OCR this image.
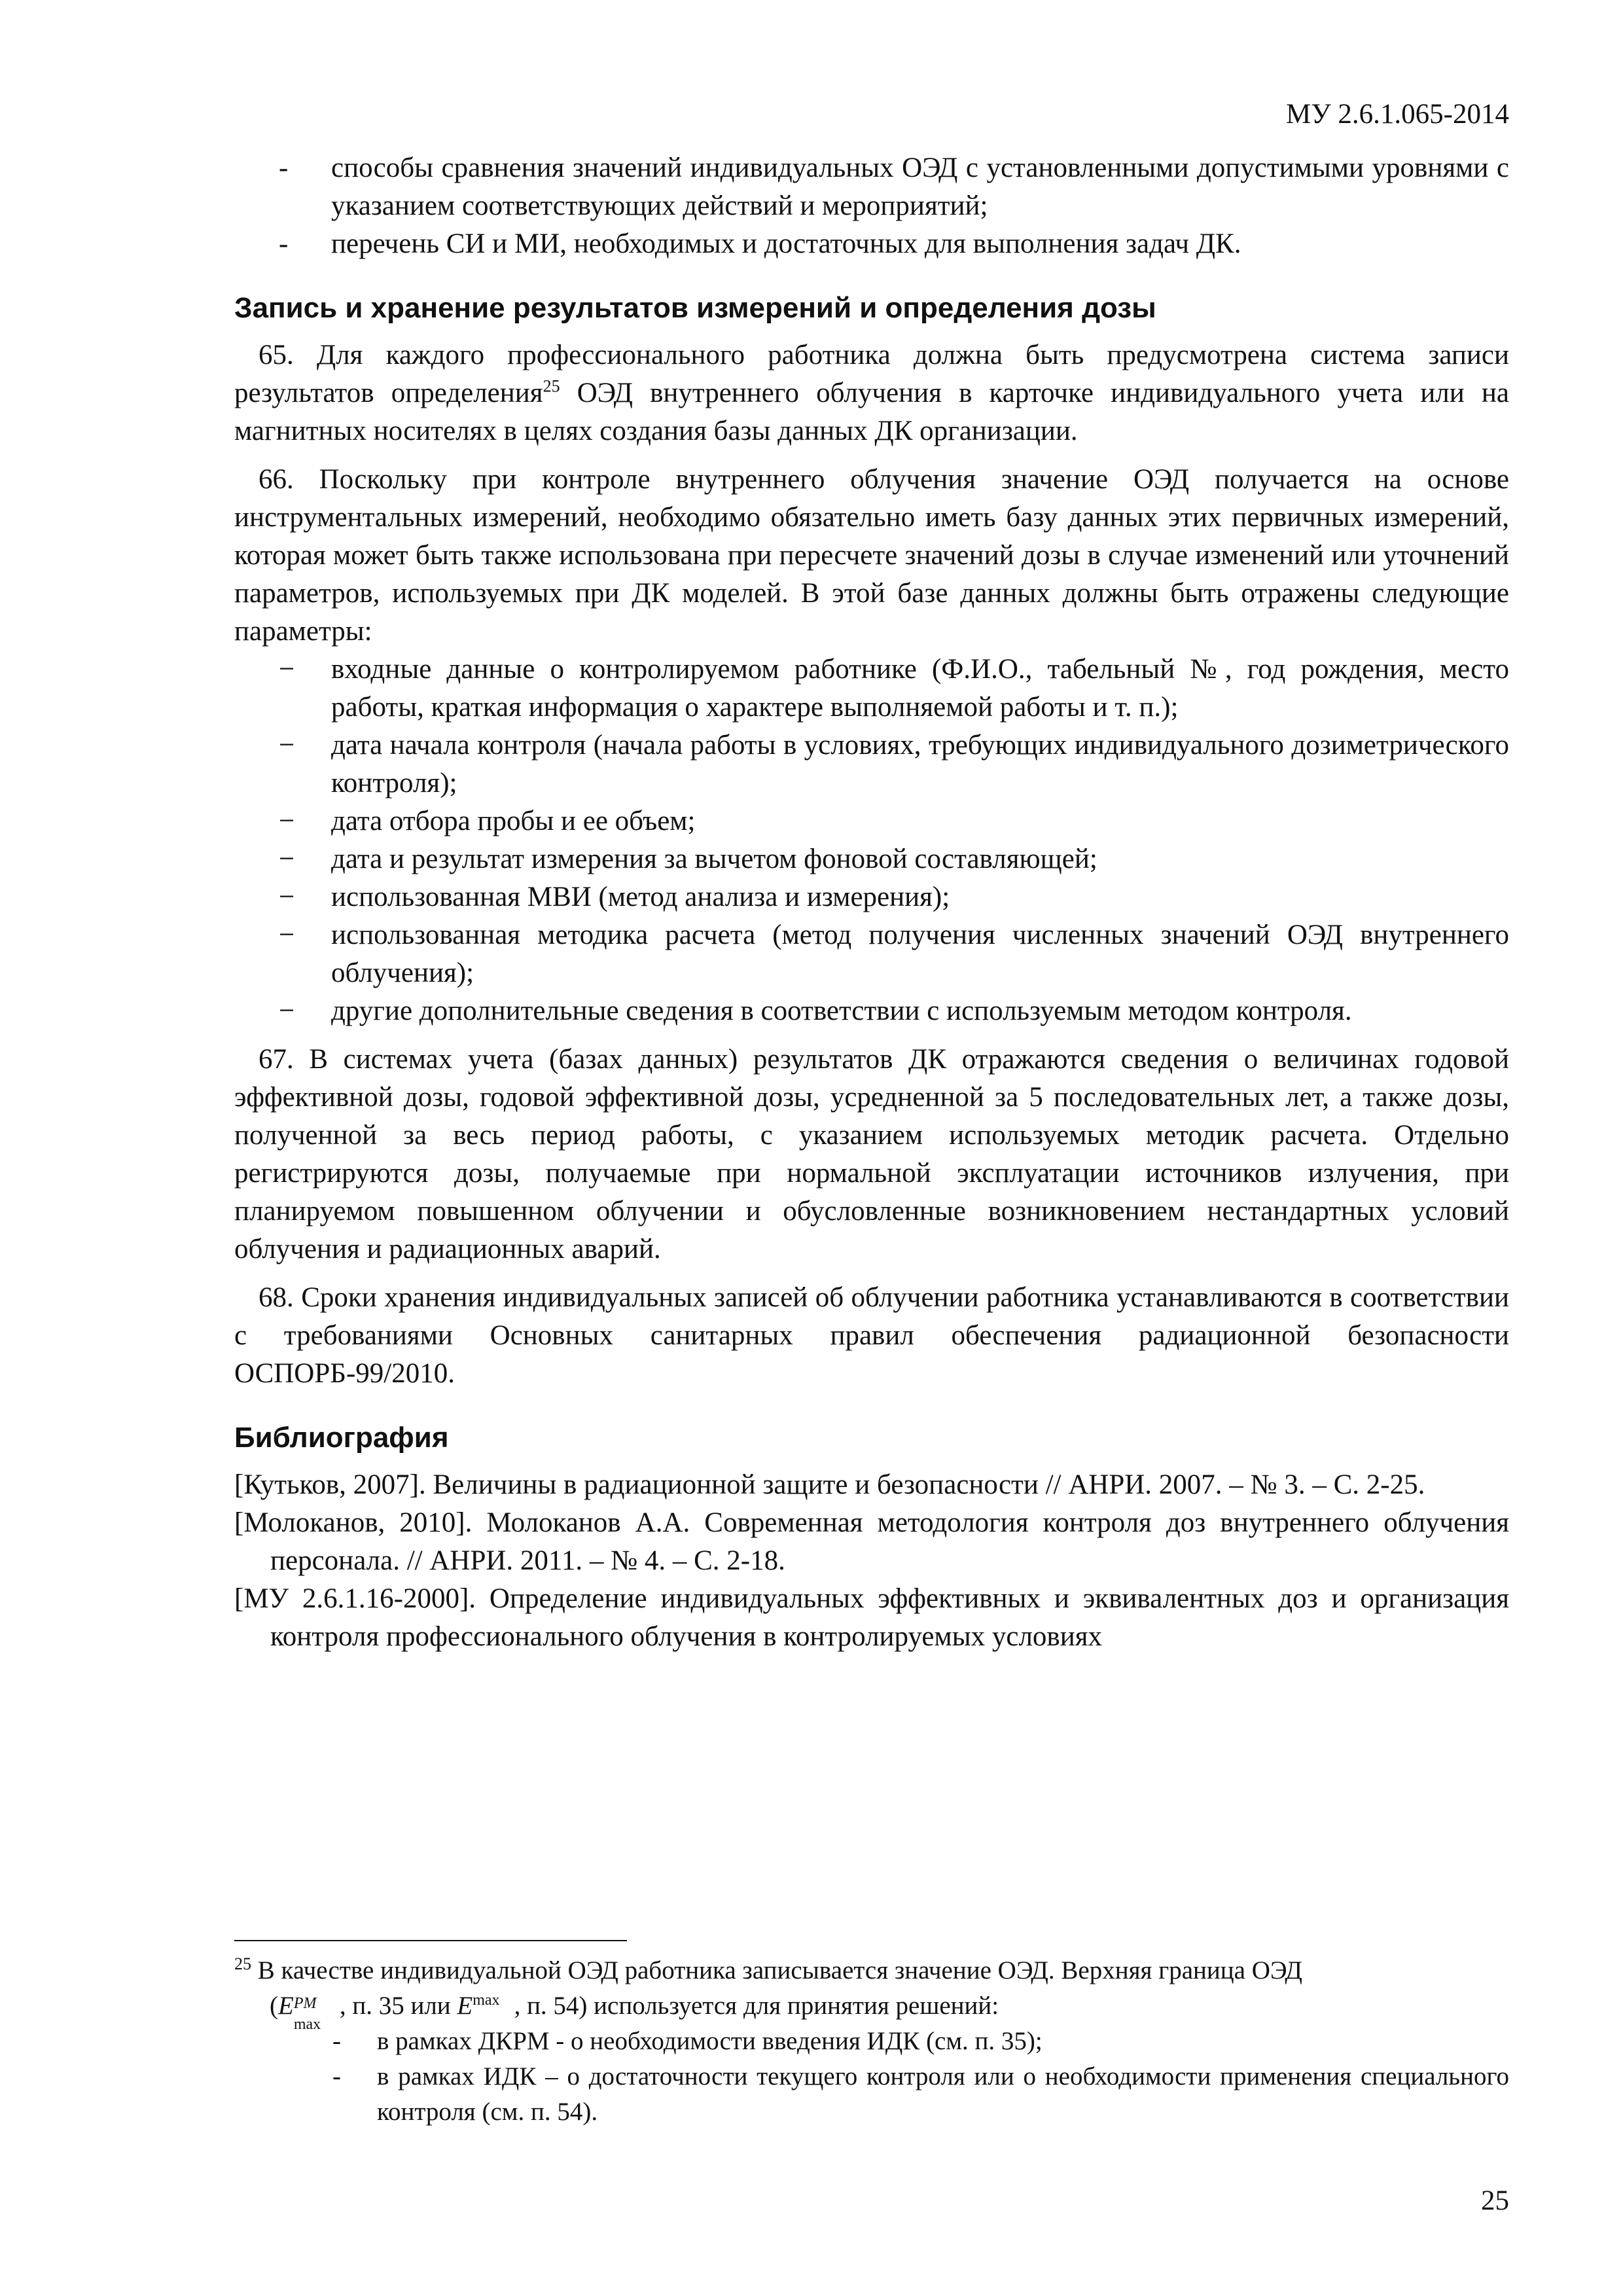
МУ 2.6.1.065-2014
- способы сравнения значений индивидуальных ОЭД с установленными допустимыми уровнями с указанием соответствующих действий и мероприятий;
- перечень СИ и МИ, необходимых и достаточных для выполнения задач ДК.
Запись и хранение результатов измерений и определения дозы

65. Для каждого профессионального работника должна быть предусмотрена система записи результатов определения$^{25}$ ОЭД внутреннего облучения в карточке индивидуального учета или на магнитных носителях в целях создания базы данных ДК организации.

66. Поскольку при контроле внутреннего облучения значение ОЭД получается на основе инструментальных измерений, необходимо обязательно иметь базу данных этих первичных измерений, которая может быть также использована при пересчете значений дозы в случае изменений или уточнений параметров, используемых при ДК моделей. В этой базе данных должны быть отражены следующие параметры:

− входные данные о контролируемом работнике (Ф.И.О., табельный №, год рождения, место работы, краткая информация о характере выполняемой работы и т. п.);
− дата начала контроля (начала работы в условиях, требующих индивидуального дозиметрического контроля);
− дата отбора пробы и ее объем;
− дата и результат измерения за вычетом фоновой составляющей;
− использованная МВИ (метод анализа и измерения);
− использованная методика расчета (метод получения численных значений ОЭД внутреннего облучения);
− другие дополнительные сведения в соответствии с используемым методом контроля.

67. В системах учета (базах данных) результатов ДК отражаются сведения о величинах годовой эффективной дозы, годовой эффективной дозы, усредненной за 5 последовательных лет, а также дозы, полученной за весь период работы, с указанием используемых методик расчета. Отдельно регистрируются дозы, получаемые при нормальной эксплуатации источников излучения, при планируемом повышенном облучении и обусловленные возникновением нестандартных условий облучения и радиационных аварий.

68. Сроки хранения индивидуальных записей об облучении работника устанавливаются в соответствии с требованиями Основных санитарных правил обеспечения радиационной безопасности ОСПОРБ-99/2010.

Библиография
[Кутьков, 2007]. Величины в радиационной защите и безопасности // АНРИ. 2007. – № 3. – С. 2-25.
[Молоканов, 2010]. Молоканов А.А. Современная методология контроля доз внутреннего облучения персонала. // АНРИ. 2011. – № 4. – С. 2-18.
[МУ 2.6.1.16-2000]. Определение индивидуальных эффективных и эквивалентных доз и организация контроля профессионального облучения в контролируемых условиях

$^{25}$ В качестве индивидуальной ОЭД работника записывается значение ОЭД. Верхняя граница ОЭД

(E PM
max
, п. 35 или $E^{max}$ , п. 54) используется для принятия решений:

- в рамках ДКРМ - о необходимости введения ИДК (см. п. 35);
- в рамках ИДК – о достаточности текущего контроля или о необходимости применения специального контроля (см. п. 54).
25
